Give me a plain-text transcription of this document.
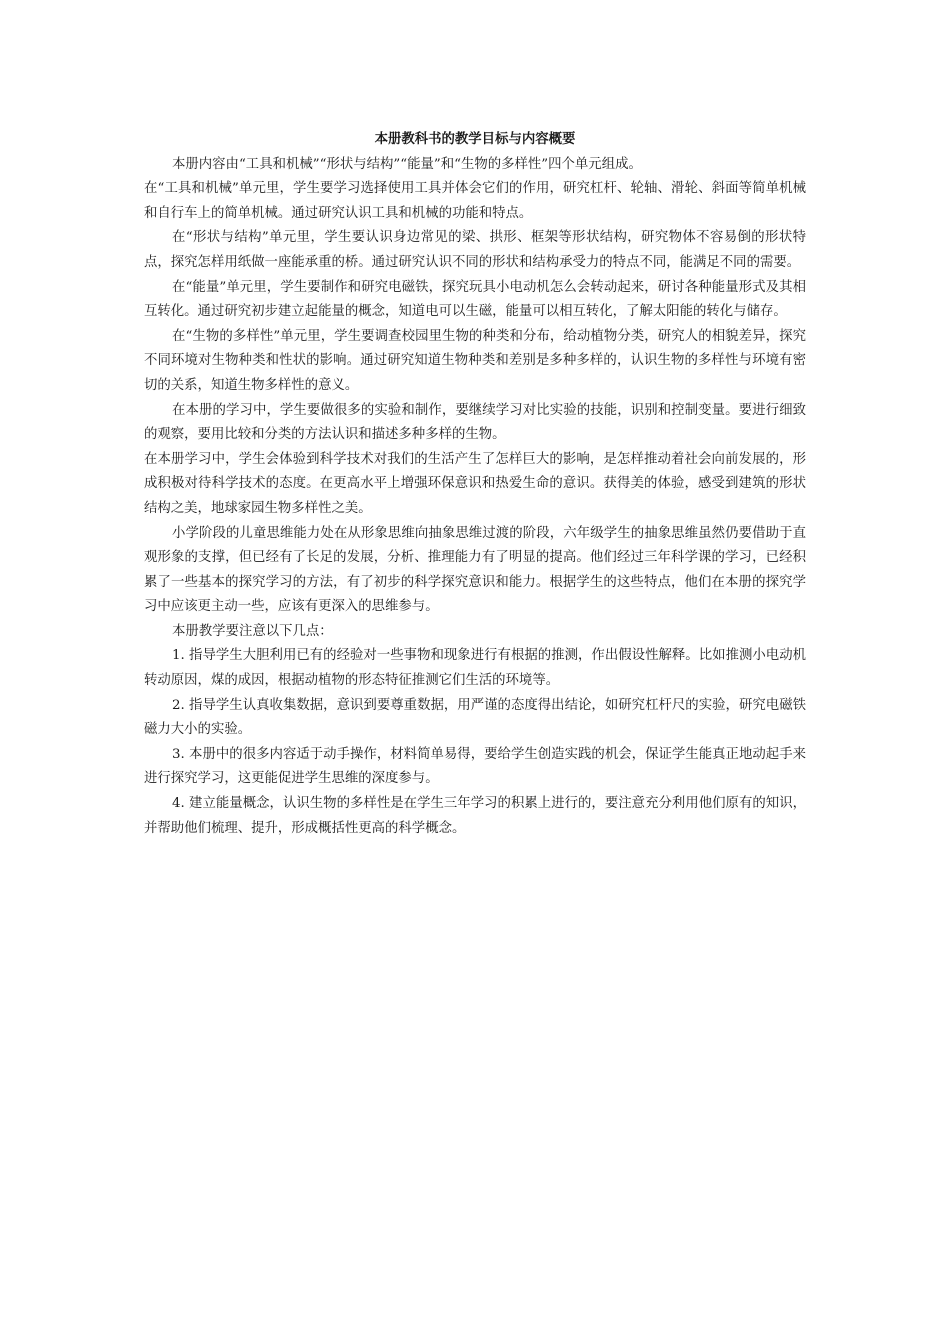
本册教科书的教学目标与内容概要

本册内容由“工具和机械”“形状与结构”“能量”和“生物的多样性”四个单元组成。

在“工具和机械”单元里，学生要学习选择使用工具并体会它们的作用，研究杠杆、轮轴、滑轮、斜面等简单机械和自行车上的简单机械。通过研究认识工具和机械的功能和特点。

在“形状与结构”单元里，学生要认识身边常见的梁、拱形、框架等形状结构，研究物体不容易倒的形状特点，探究怎样用纸做一座能承重的桥。通过研究认识不同的形状和结构承受力的特点不同，能满足不同的需要。

在“能量”单元里，学生要制作和研究电磁铁，探究玩具小电动机怎么会转动起来，研讨各种能量形式及其相互转化。通过研究初步建立起能量的概念，知道电可以生磁，能量可以相互转化，了解太阳能的转化与储存。

在“生物的多样性”单元里，学生要调查校园里生物的种类和分布，给动植物分类，研究人的相貌差异，探究不同环境对生物种类和性状的影响。通过研究知道生物种类和差别是多种多样的，认识生物的多样性与环境有密切的关系，知道生物多样性的意义。

在本册的学习中，学生要做很多的实验和制作，要继续学习对比实验的技能，识别和控制变量。要进行细致的观察，要用比较和分类的方法认识和描述多种多样的生物。

在本册学习中，学生会体验到科学技术对我们的生活产生了怎样巨大的影响，是怎样推动着社会向前发展的，形成积极对待科学技术的态度。在更高水平上增强环保意识和热爱生命的意识。获得美的体验，感受到建筑的形状结构之美，地球家园生物多样性之美。

小学阶段的儿童思维能力处在从形象思维向抽象思维过渡的阶段，六年级学生的抽象思维虽然仍要借助于直观形象的支撑，但已经有了长足的发展，分析、推理能力有了明显的提高。他们经过三年科学课的学习，已经积累了一些基本的探究学习的方法，有了初步的科学探究意识和能力。根据学生的这些特点，他们在本册的探究学习中应该更主动一些，应该有更深入的思维参与。

本册教学要注意以下几点：

1. 指导学生大胆利用已有的经验对一些事物和现象进行有根据的推测，作出假设性解释。比如推测小电动机转动原因，煤的成因，根据动植物的形态特征推测它们生活的环境等。

2. 指导学生认真收集数据，意识到要尊重数据，用严谨的态度得出结论，如研究杠杆尺的实验，研究电磁铁磁力大小的实验。

3. 本册中的很多内容适于动手操作，材料简单易得，要给学生创造实践的机会，保证学生能真正地动起手来进行探究学习，这更能促进学生思维的深度参与。

4. 建立能量概念，认识生物的多样性是在学生三年学习的积累上进行的，要注意充分利用他们原有的知识，并帮助他们梳理、提升，形成概括性更高的科学概念。
